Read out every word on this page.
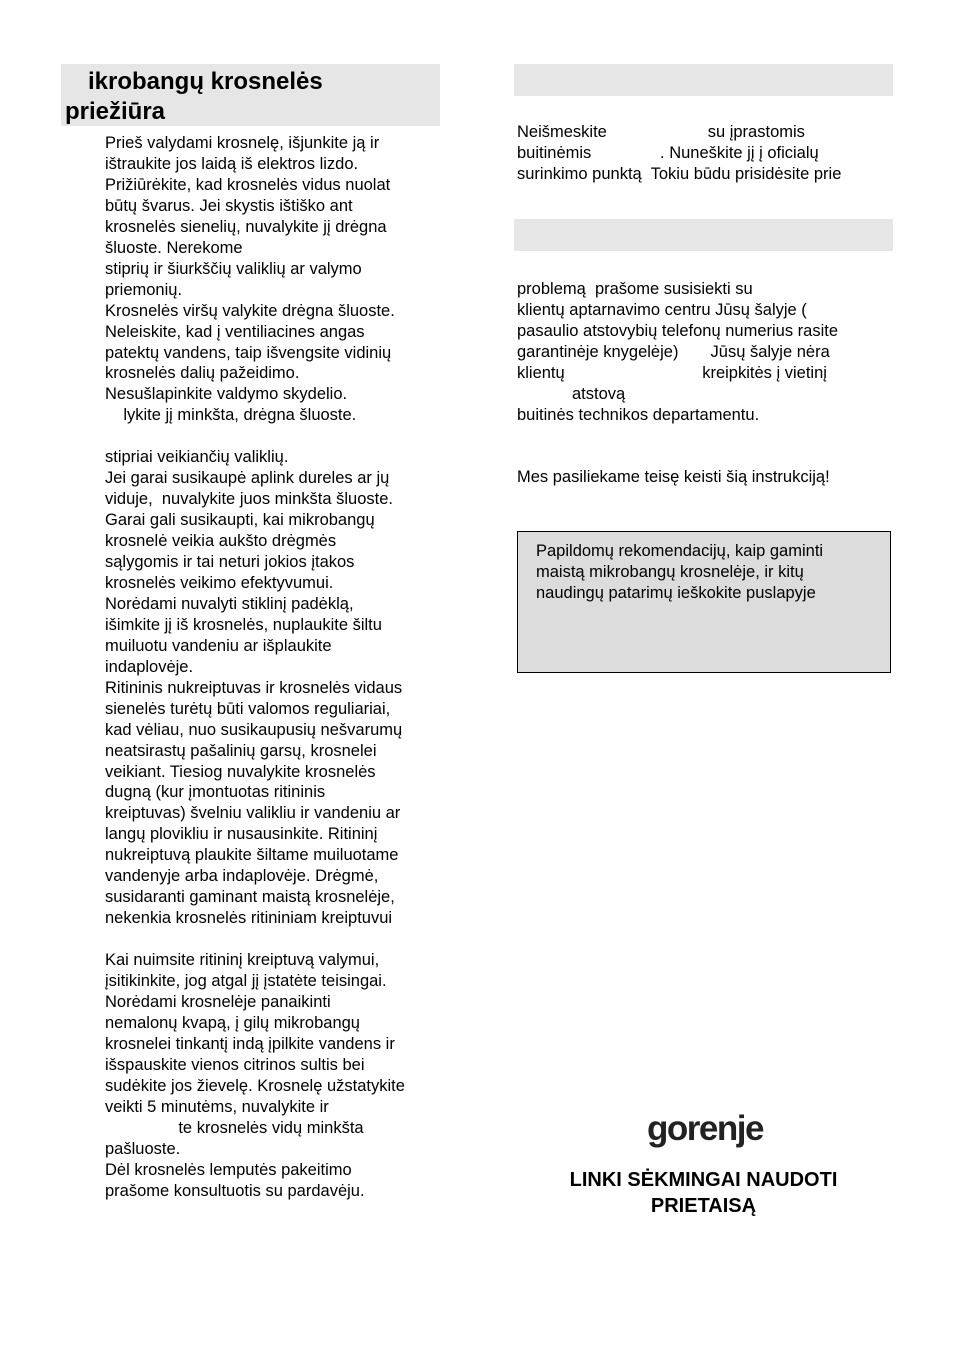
ikrobangų krosnelės
priežiūra
Prieš valydami krosnelę, išjunkite ją ir
ištraukite jos laidą iš elektros lizdo.
Prižiūrėkite, kad krosnelės vidus nuolat
būtų švarus. Jei skystis ištiško ant
krosnelės sienelių, nuvalykite jį drėgna
šluoste. Nerekome
stiprių ir šiurkščių valiklių ar valymo
priemonių.
Krosnelės viršų valykite drėgna šluoste.
Neleiskite, kad į ventiliacines angas
patektų vandens, taip išvengsite vidinių
krosnelės dalių pažeidimo.
Nesušlapinkite valdymo skydelio.
lykite jį minkšta, drėgna šluoste.
stipriai veikiančių valiklių.
Jei garai susikaupė aplink dureles ar jų
viduje,  nuvalykite juos minkšta šluoste.
Garai gali susikaupti, kai mikrobangų
krosnelė veikia aukšto drėgmės
sąlygomis ir tai neturi jokios įtakos
krosnelės veikimo efektyvumui.
Norėdami nuvalyti stiklinį padėklą,
išimkite jį iš krosnelės, nuplaukite šiltu
muiluotu vandeniu ar išplaukite
indaplovėje.
Ritininis nukreiptuvas ir krosnelės vidaus
sienelės turėtų būti valomos reguliariai,
kad vėliau, nuo susikaupusių nešvarumų
neatsirastų pašalinių garsų, krosnelei
veikiant. Tiesiog nuvalykite krosnelės
dugną (kur įmontuotas ritininis
kreiptuvas) švelniu valikliu ir vandeniu ar
langų plovikliu ir nusausinkite. Ritininį
nukreiptuvą plaukite šiltame muiluotame
vandenyje arba indaplovėje. Drėgmė,
susidaranti gaminant maistą krosnelėje,
nekenkia krosnelės ritininiam kreiptuvui
Kai nuimsite ritininį kreiptuvą valymui,
įsitikinkite, jog atgal jį įstatėte teisingai.
Norėdami krosnelėje panaikinti
nemalonų kvapą, į gilų mikrobangų
krosnelei tinkantį indą įpilkite vandens ir
išspauskite vienos citrinos sultis bei
sudėkite jos žievelę. Krosnelę užstatykite
veikti 5 minutėms, nuvalykite ir
te krosnelės vidų minkšta
pašluoste.
Dėl krosnelės lemputės pakeitimo
prašome konsultuotis su pardavėju.
Neišmeskite                      su įprastomis
buitinėmis               . Nuneškite jį į oficialų
surinkimo punktą  Tokiu būdu prisidėsite prie
problemą  prašome susisiekti su
klientų aptarnavimo centru Jūsų šalyje (
pasaulio atstovybių telefonų numerius rasite
garantinėje knygelėje)       Jūsų šalyje nėra
klientų                              kreipkitės į vietinį
atstovą
buitinės technikos departamentu.
Mes pasiliekame teisę keisti šią instrukciją!
Papildomų rekomendacijų, kaip gaminti
maistą mikrobangų krosnelėje, ir kitų
naudingų patarimų ieškokite puslapyje
gorenje
LINKI SĖKMINGAI NAUDOTI
PRIETAISĄ
